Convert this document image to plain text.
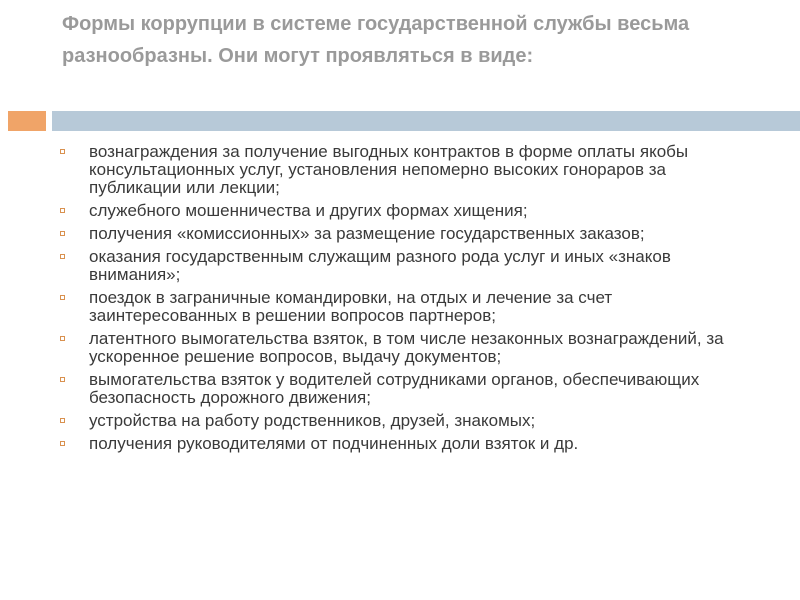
Формы коррупции в системе государственной службы весьма разнообразны. Они могут проявляться в виде:
вознаграждения за получение выгодных контрактов в форме оплаты якобы консультационных услуг, установления непомерно высоких гонораров за публикации или лекции;
служебного мошенничества и других формах хищения;
получения «комиссионных» за размещение государственных заказов;
оказания государственным служащим разного рода услуг и иных «знаков внимания»;
поездок в заграничные командировки, на отдых и лечение за счет заинтересованных в решении вопросов партнеров;
латентного вымогательства взяток, в том числе незаконных вознаграждений, за ускоренное решение вопросов, выдачу документов;
вымогательства взяток у водителей сотрудниками органов, обеспечивающих безопасность дорожного движения;
устройства на работу родственников, друзей, знакомых;
получения руководителями от подчиненных доли взяток и др.
